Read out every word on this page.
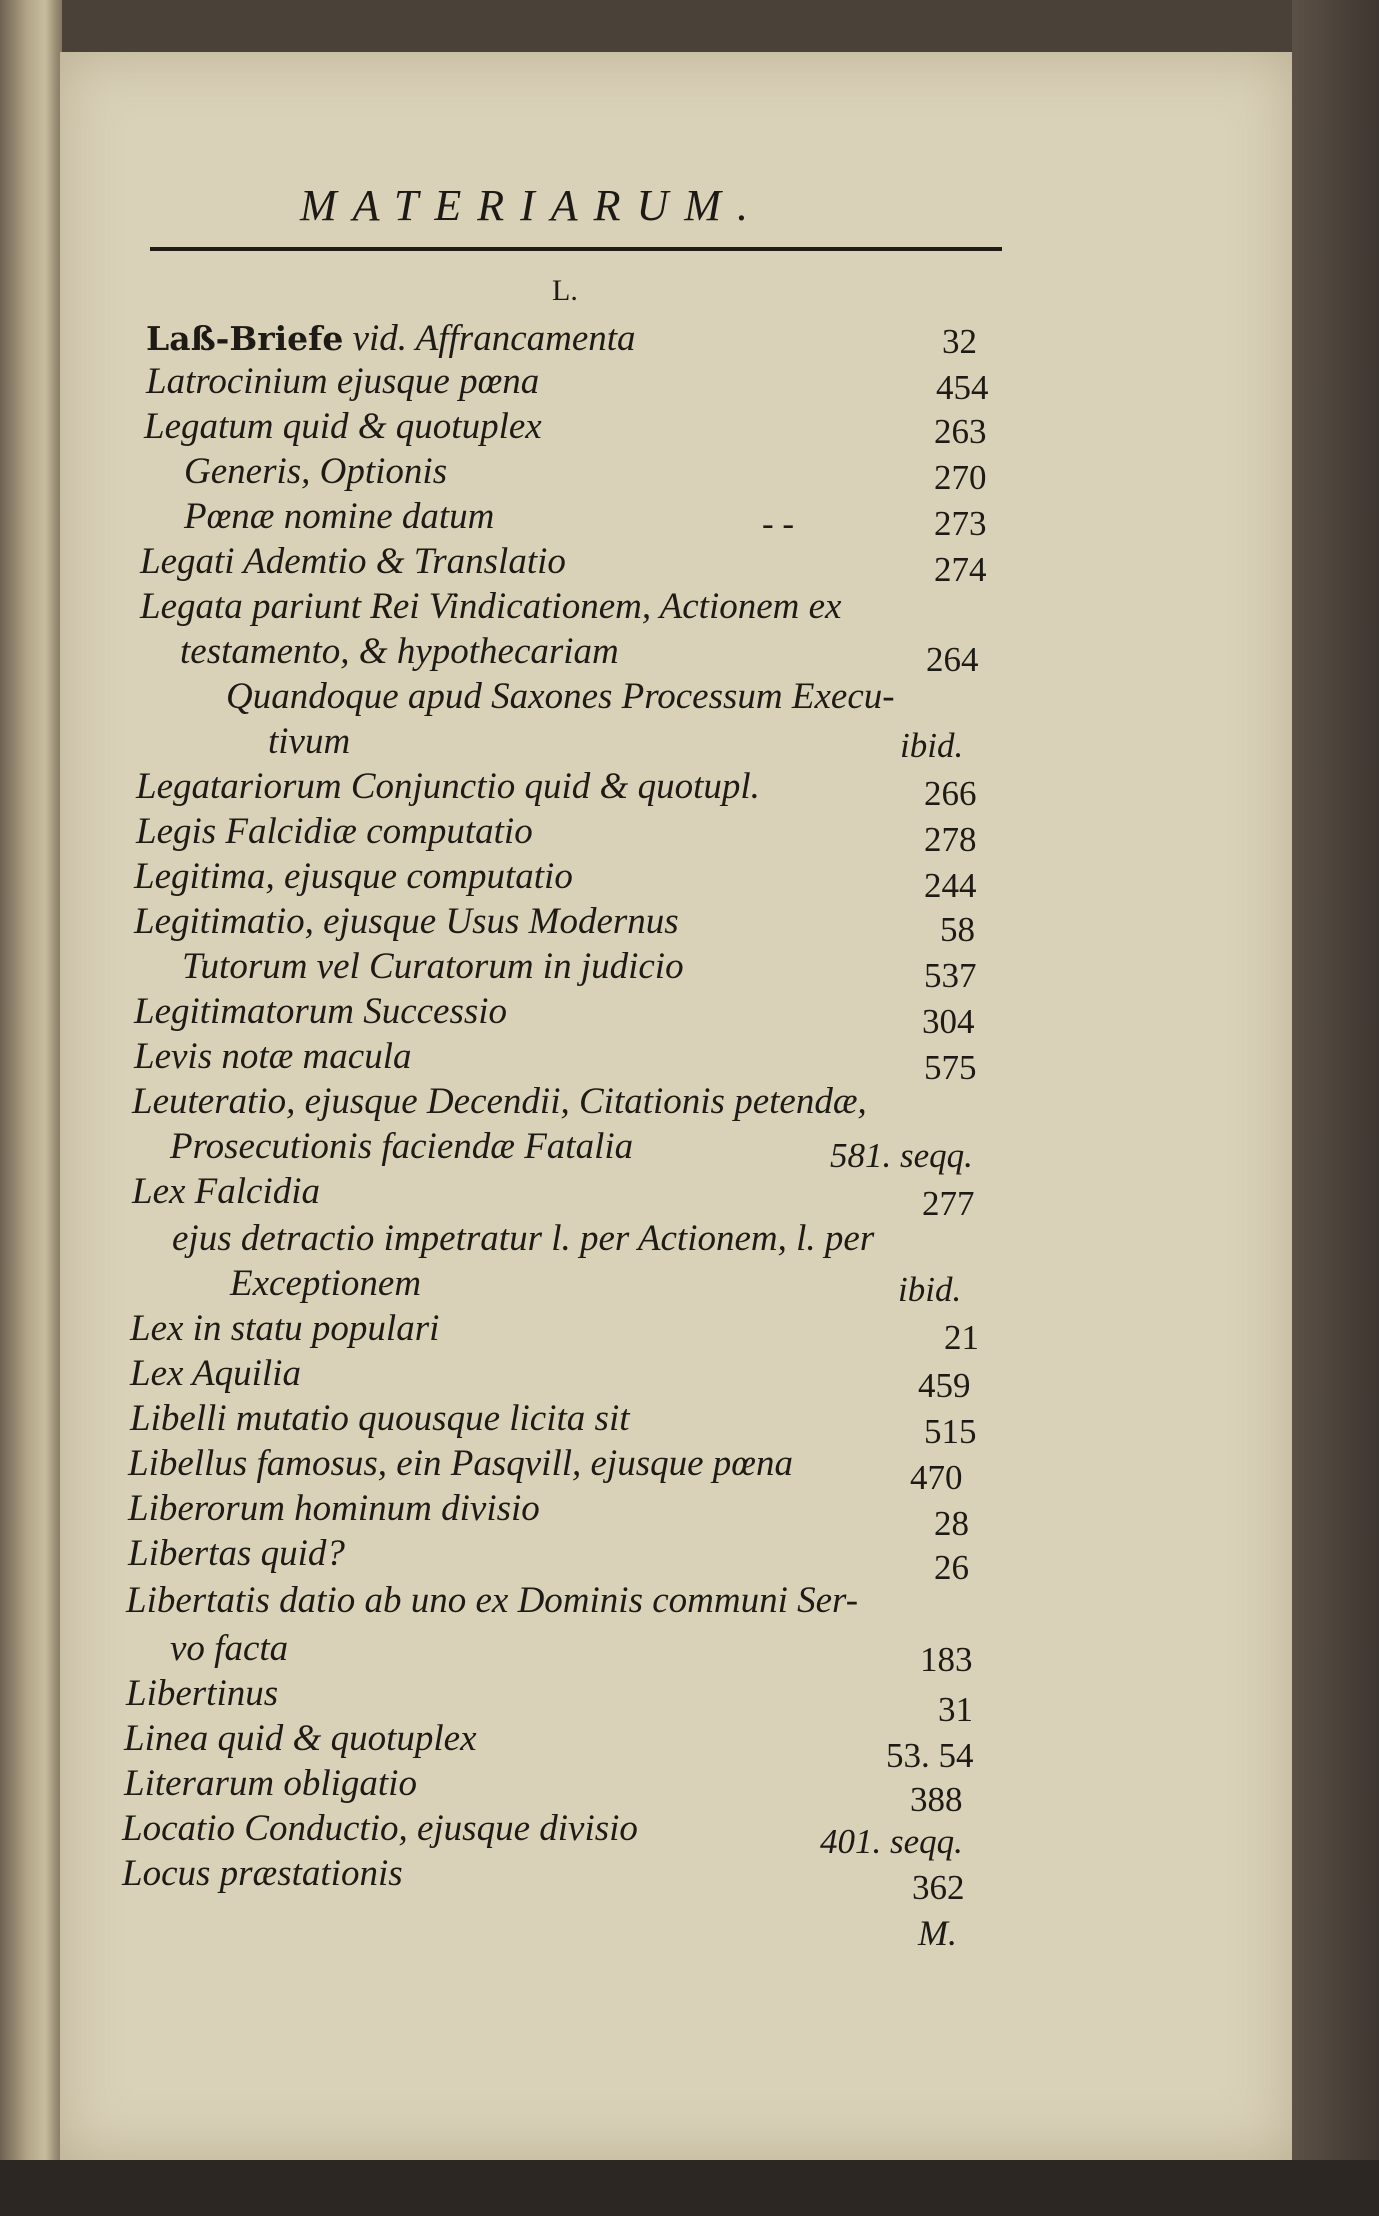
MATERIARUM.
L.
Laß-Briefe vid. Affrancamenta	32
Latrocinium ejusque pœna	454
Legatum quid & quotuplex	263
Generis, Optionis	270
Pœnæ nomine datum	- -	273
Legati Ademtio & Translatio	274
Legata pariunt Rei Vindicationem, Actionem ex
testamento, & hypothecariam	264
Quandoque apud Saxones Processum Execu-
tivum	ibid.
Legatariorum Conjunctio quid & quotupl.	266
Legis Falcidiæ computatio	278
Legitima, ejusque computatio	244
Legitimatio, ejusque Usus Modernus	58
Tutorum vel Curatorum in judicio	537
Legitimatorum Successio	304
Levis notæ macula	575
Leuteratio, ejusque Decendii, Citationis petendæ,
Prosecutionis faciendæ Fatalia	581. seqq.
Lex Falcidia	277
ejus detractio impetratur l. per Actionem, l. per
Exceptionem	ibid.
Lex in statu populari	21
Lex Aquilia	459
Libelli mutatio quousque licita sit	515
Libellus famosus, ein Pasqvill, ejusque pœna	470
Liberorum hominum divisio	28
Libertas quid?	26
Libertatis datio ab uno ex Dominis communi Ser-
vo facta	183
Libertinus	31
Linea quid & quotuplex	53. 54
Literarum obligatio	388
Locatio Conductio, ejusque divisio	401. seqq.
Locus præstationis	362
M.
